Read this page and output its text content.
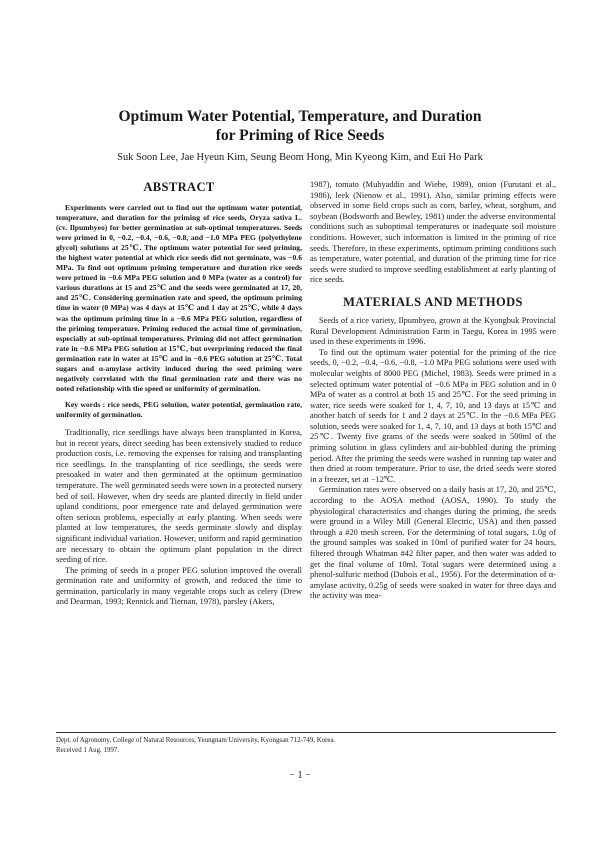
Optimum Water Potential, Temperature, and Duration
for Priming of Rice Seeds
Suk Soon Lee, Jae Hyeun Kim, Seung Beom Hong, Min Kyeong Kim, and Eui Ho Park
ABSTRACT

Experiments were carried out to find out the optimum water potential, temperature, and duration for the priming of rice seeds, Oryza sativa L. (cv. Ilpumbyeo) for better germination at sub-optimal temperatures. Seeds were primed in 0, −0.2, −0.4, −0.6, −0.8, and −1.0 MPa PEG (polyethylene glycol) solutions at 25℃. The optimum water potential for seed priming, the highest water potential at which rice seeds did not germinate, was −0.6 MPa. To find out optimum priming temperature and duration rice seeds were primed in −0.6 MPa PEG solution and 0 MPa (water as a control) for various durations at 15 and 25℃ and the seeds were germinated at 17, 20, and 25℃. Considering germination rate and speed, the optimum priming time in water (0 MPa) was 4 days at 15℃ and 1 day at 25℃, while 4 days was the optimum priming time in a −0.6 MPa PEG solution, regardless of the priming temperature. Priming reduced the actual time of germination, especially at sub-optimal temperatures. Priming did not affect germination rate in −0.6 MPa PEG solution at 15℃, but overpriming reduced the final germination rate in water at 15℃ and in −0.6 PEG solution at 25℃. Total sugars and α-amylase activity induced during the seed priming were negatively correlated with the final germination rate and there was no noted relationship with the speed or uniformity of germination.

Key words : rice seeds, PEG solution, water potential, germination rate, uniformity of germination.

Traditionally, rice seedlings have always been transplanted in Korea, but in recent years, direct seeding has been extensively studied to reduce production costs, i.e. removing the expenses for raising and transplanting rice seedlings. In the transplanting of rice seedlings, the seeds were presoaked in water and then germinated at the optimum germination temperature. The well germinated seeds were sown in a protected nursery bed of soil. However, when dry seeds are planted directly in field under upland conditions, poor emergence rate and delayed germination were often serious problems, especially at early planting. When seeds were planted at low temperatures, the seeds germinate slowly and display significant individual variation. However, uniform and rapid germination are necessary to obtain the optimum plant population in the direct seeding of rice.

The priming of seeds in a proper PEG solution improved the overall germination rate and uniformity of growth, and reduced the time to germination, particularly in many vegetable crops such as celery (Drew and Dearman, 1993; Rennick and Tiernan, 1978), parsley (Akers,

1987), tomato (Muhyaddin and Wiebe, 1989), onion (Furutani et al., 1986), leek (Nienow et al., 1991). Also, similar priming effects were observed in some field crops such as corn, barley, wheat, sorghum, and soybean (Bodsworth and Bewley, 1981) under the adverse environmental conditions such as suboptimal temperatures or inadequate soil moisture conditions. However, such information is limited in the priming of rice seeds. Therefore, in these experiments, optimum priming conditions such as temperature, water potential, and duration of the priming time for rice seeds were studied to improve seedling establishment at early planting of rice seeds.

MATERIALS AND METHODS

Seeds of a rice variety, Ilpumbyeo, grown at the Kyongbuk Provincial Rural Development Administration Farm in Taegu, Korea in 1995 were used in these experiments in 1996.

To find out the optimum water potential for the priming of the rice seeds, 0, −0.2, −0.4, −0.6, −0.8, −1.0 MPa PEG solutions were used with molecular weights of 8000 PEG (Michel, 1983). Seeds were primed in a selected optimum water potential of −0.6 MPa in PEG solution and in 0 MPa of water as a control at both 15 and 25℃. For the seed priming in water, rice seeds were soaked for 1, 4, 7, 10, and 13 days at 15℃ and another batch of seeds for 1 and 2 days at 25℃. In the −0.6 MPa PEG solution, seeds were soaked for 1, 4, 7, 10, and 13 days at both 15℃ and 25℃. Twenty five grams of the seeds were soaked in 500ml of the priming solution in glass cylinders and air-bubbled during the priming period. After the priming the seeds were washed in running tap water and then dried at room temperature. Prior to use, the dried seeds were stored in a freezer, set at −12℃.

Germination rates were observed on a daily basis at 17, 20, and 25℃, according to the AOSA method (AOSA, 1990). To study the physiological characteristics and changes during the priming, the seeds were ground in a Wiley Mill (General Electric, USA) and then passed through a #20 mesh screen. For the determining of total sugars, 1.0g of the ground samples was soaked in 10ml of purified water for 24 hours, filtered through Whatman #42 filter paper, and then water was added to get the final volume of 10ml. Total sugars were determined using a phenol-sulfuric method (Dubois et al., 1956). For the determination of α-amylase activity, 0.25g of seeds were soaked in water for three days and the activity was mea-

Dept. of Agronomy, College of Natural Resources, Yeungnam University, Kyongsan 712-749, Korea.
Received 1 Aug. 1997.
− 1 −
